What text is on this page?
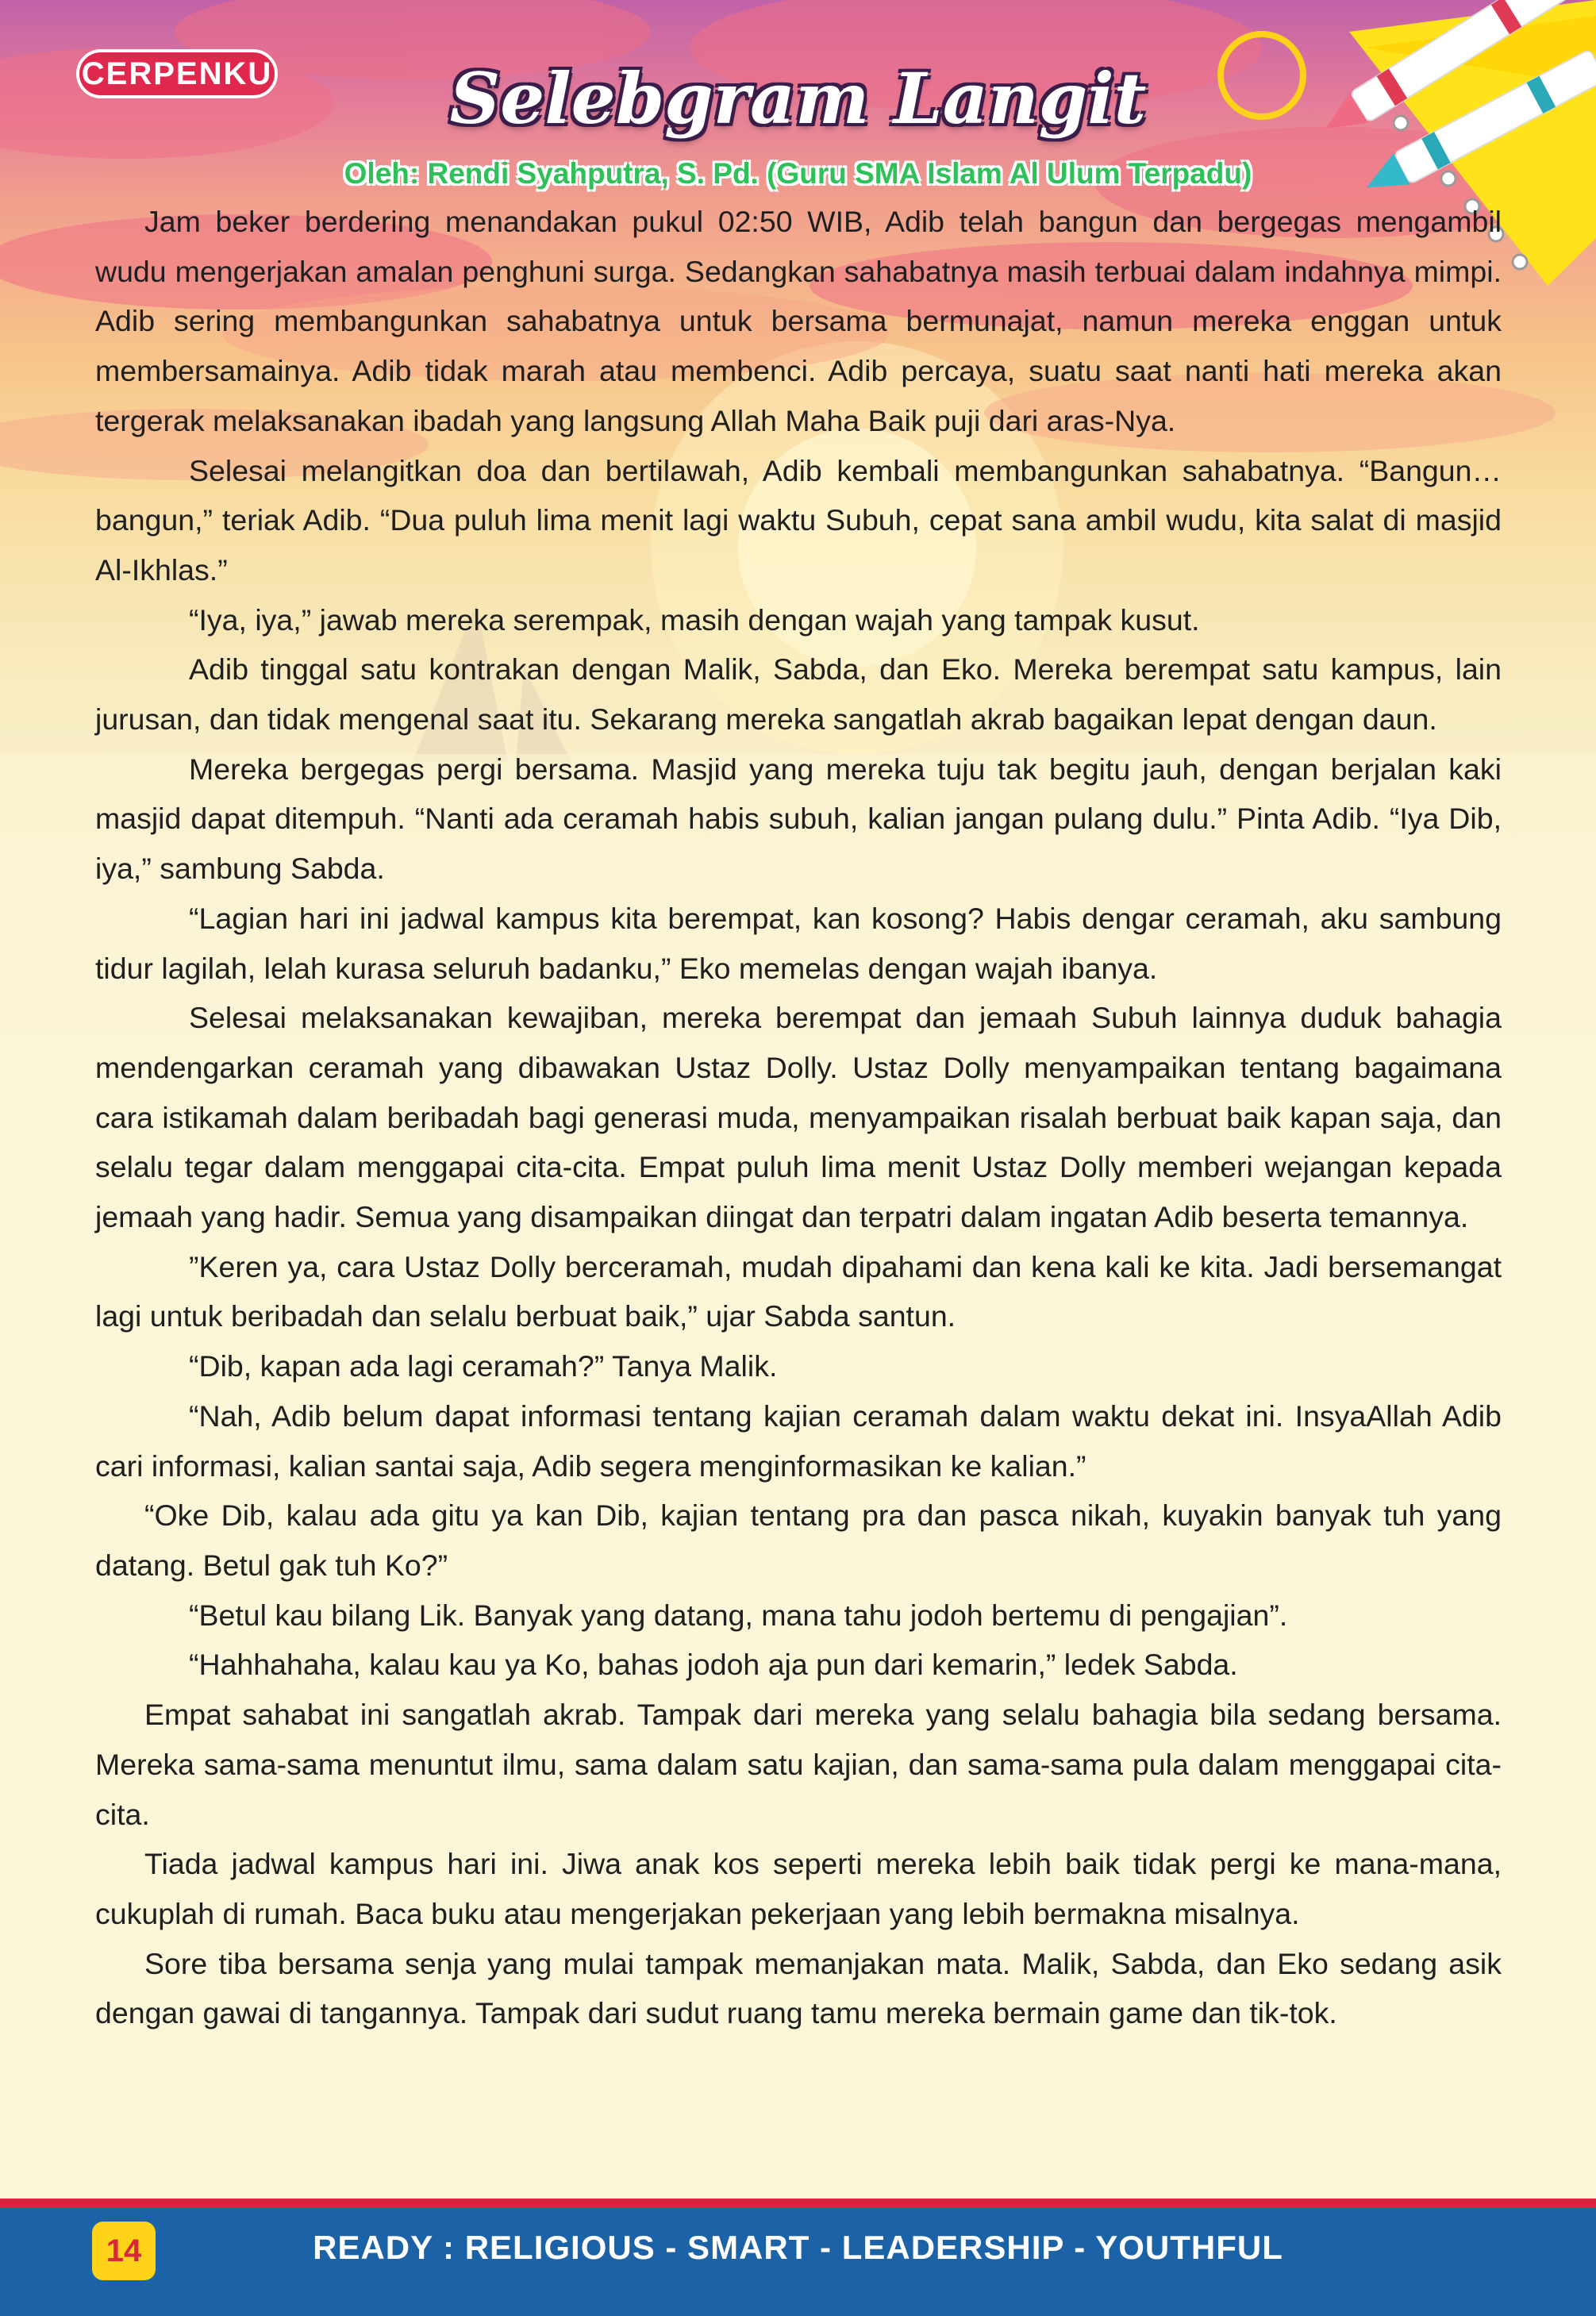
CERPENKU	Selebgram Langit
Oleh: Rendi Syahputra, S. Pd. (Guru SMA Islam Al Ulum Terpadu)

Jam beker berdering menandakan pukul 02:50 WIB, Adib telah bangun dan bergegas mengambil wudu mengerjakan amalan penghuni surga. Sedangkan sahabatnya masih terbuai dalam indahnya mimpi. Adib sering membangunkan sahabatnya untuk bersama bermunajat, namun mereka enggan untuk membersamainya. Adib tidak marah atau membenci. Adib percaya, suatu saat nanti hati mereka akan tergerak melaksanakan ibadah yang langsung Allah Maha Baik puji dari aras-Nya.

Selesai melangitkan doa dan bertilawah, Adib kembali membangunkan sahabatnya. “Bangun…bangun,” teriak Adib. “Dua puluh lima menit lagi waktu Subuh, cepat sana ambil wudu, kita salat di masjid Al-Ikhlas.”

“Iya, iya,” jawab mereka serempak, masih dengan wajah yang tampak kusut.

Adib tinggal satu kontrakan dengan Malik, Sabda, dan Eko. Mereka berempat satu kampus, lain jurusan, dan tidak mengenal saat itu. Sekarang mereka sangatlah akrab bagaikan lepat dengan daun.

Mereka bergegas pergi bersama. Masjid yang mereka tuju tak begitu jauh, dengan berjalan kaki masjid dapat ditempuh. “Nanti ada ceramah habis subuh, kalian jangan pulang dulu.” Pinta Adib. “Iya Dib, iya,” sambung Sabda.

“Lagian hari ini jadwal kampus kita berempat, kan kosong? Habis dengar ceramah, aku sambung tidur lagilah, lelah kurasa seluruh badanku,” Eko memelas dengan wajah ibanya.

Selesai melaksanakan kewajiban, mereka berempat dan jemaah Subuh lainnya duduk bahagia mendengarkan ceramah yang dibawakan Ustaz Dolly. Ustaz Dolly menyampaikan tentang bagaimana cara istikamah dalam beribadah bagi generasi muda, menyampaikan risalah berbuat baik kapan saja, dan selalu tegar dalam menggapai cita-cita. Empat puluh lima menit Ustaz Dolly memberi wejangan kepada jemaah yang hadir. Semua yang disampaikan diingat dan terpatri dalam ingatan Adib beserta temannya.

”Keren ya, cara Ustaz Dolly berceramah, mudah dipahami dan kena kali ke kita. Jadi bersemangat lagi untuk beribadah dan selalu berbuat baik,” ujar Sabda santun.

“Dib, kapan ada lagi ceramah?” Tanya Malik.

“Nah, Adib belum dapat informasi tentang kajian ceramah dalam waktu dekat ini. InsyaAllah Adib cari informasi, kalian santai saja, Adib segera menginformasikan ke kalian.”

“Oke Dib, kalau ada gitu ya kan Dib, kajian tentang pra dan pasca nikah, kuyakin banyak tuh yang datang. Betul gak tuh Ko?”

“Betul kau bilang Lik. Banyak yang datang, mana tahu jodoh bertemu di pengajian”.

“Hahhahaha, kalau kau ya Ko, bahas jodoh aja pun dari kemarin,” ledek Sabda.

Empat sahabat ini sangatlah akrab. Tampak dari mereka yang selalu bahagia bila sedang bersama. Mereka sama-sama menuntut ilmu, sama dalam satu kajian, dan sama-sama pula dalam menggapai cita-cita.

Tiada jadwal kampus hari ini. Jiwa anak kos seperti mereka lebih baik tidak pergi ke mana-mana, cukuplah di rumah. Baca buku atau mengerjakan pekerjaan yang lebih bermakna misalnya.

Sore tiba bersama senja yang mulai tampak memanjakan mata. Malik, Sabda, dan Eko sedang asik dengan gawai di tangannya. Tampak dari sudut ruang tamu mereka bermain game dan tik-tok.

14	READY : RELIGIOUS - SMART - LEADERSHIP - YOUTHFUL
